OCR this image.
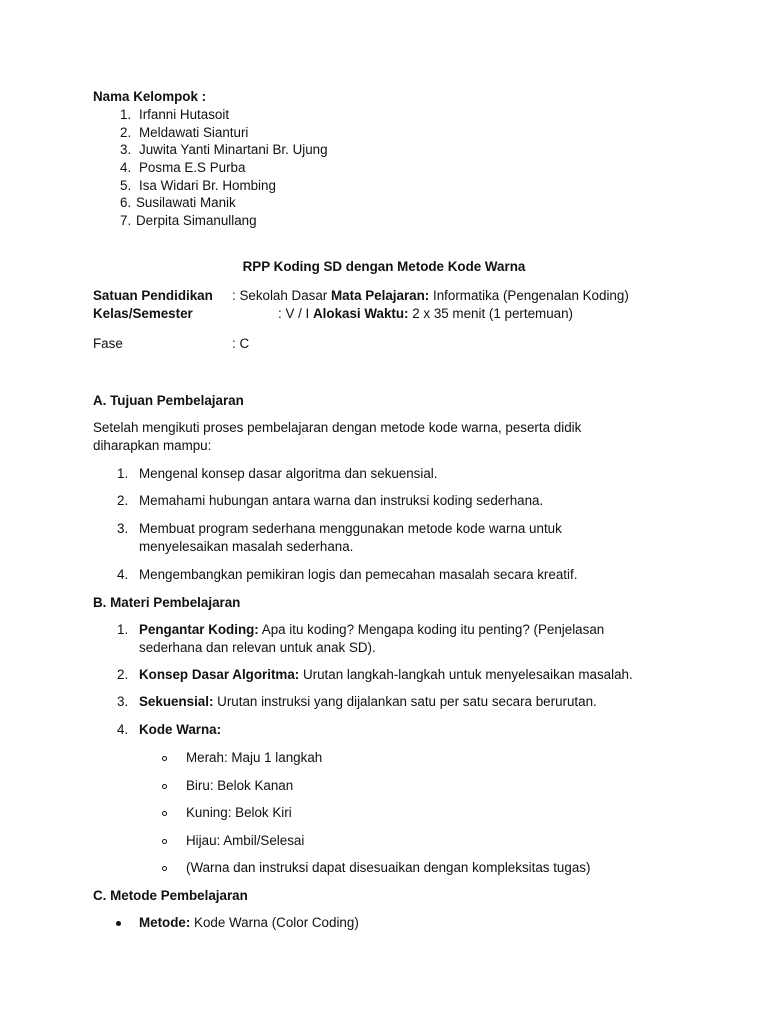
Nama Kelompok :
1. Irfanni Hutasoit
2. Meldawati Sianturi
3. Juwita Yanti Minartani Br. Ujung
4. Posma E.S Purba
5. Isa Widari Br. Hombing
6. Susilawati Manik
7. Derpita Simanullang
RPP Koding SD dengan Metode Kode Warna
Satuan Pendidikan : Sekolah Dasar Mata Pelajaran: Informatika (Pengenalan Koding)
Kelas/Semester	: V / I Alokasi Waktu: 2 x 35 menit (1 pertemuan)
Fase	: C
A. Tujuan Pembelajaran
Setelah mengikuti proses pembelajaran dengan metode kode warna, peserta didik diharapkan mampu:
1. Mengenal konsep dasar algoritma dan sekuensial.
2. Memahami hubungan antara warna dan instruksi koding sederhana.
3. Membuat program sederhana menggunakan metode kode warna untuk menyelesaikan masalah sederhana.
4. Mengembangkan pemikiran logis dan pemecahan masalah secara kreatif.
B. Materi Pembelajaran
1. Pengantar Koding: Apa itu koding? Mengapa koding itu penting? (Penjelasan sederhana dan relevan untuk anak SD).
2. Konsep Dasar Algoritma: Urutan langkah-langkah untuk menyelesaikan masalah.
3. Sekuensial: Urutan instruksi yang dijalankan satu per satu secara berurutan.
4. Kode Warna:
Merah: Maju 1 langkah
Biru: Belok Kanan
Kuning: Belok Kiri
Hijau: Ambil/Selesai
(Warna dan instruksi dapat disesuaikan dengan kompleksitas tugas)
C. Metode Pembelajaran
Metode: Kode Warna (Color Coding)
